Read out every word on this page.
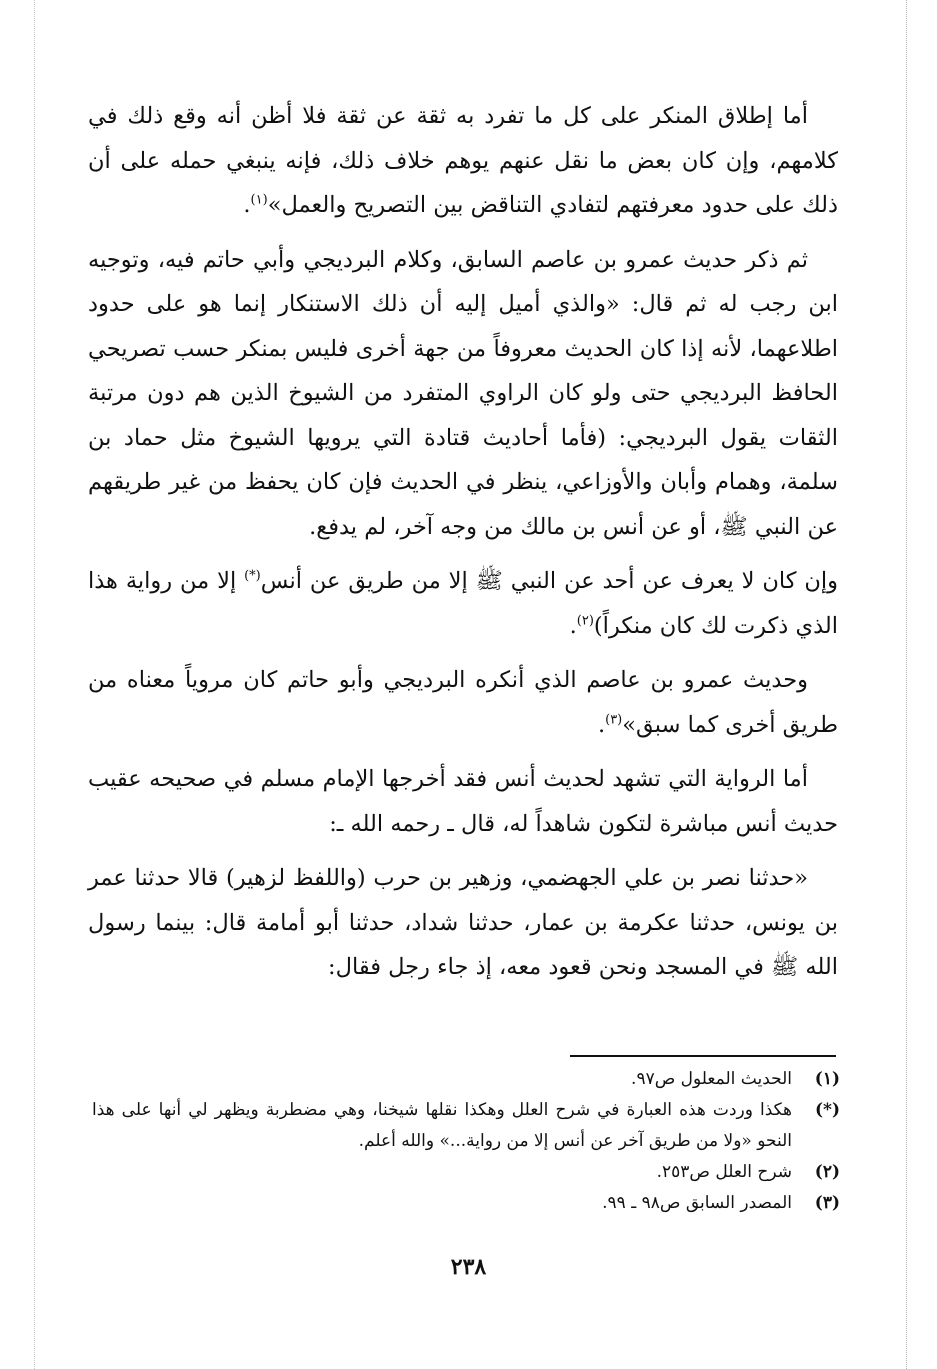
أما إطلاق المنكر على كل ما تفرد به ثقة عن ثقة فلا أظن أنه وقع ذلك في كلامهم، وإن كان بعض ما نقل عنهم يوهم خلاف ذلك، فإنه ينبغي حمله على أن ذلك على حدود معرفتهم لتفادي التناقض بين التصريح والعمل»$^{(١)}$.

ثم ذكر حديث عمرو بن عاصم السابق، وكلام البرديجي وأبي حاتم فيه، وتوجيه ابن رجب له ثم قال: «والذي أميل إليه أن ذلك الاستنكار إنما هو على حدود اطلاعهما، لأنه إذا كان الحديث معروفاً من جهة أخرى فليس بمنكر حسب تصريحي الحافظ البرديجي حتى ولو كان الراوي المتفرد من الشيوخ الذين هم دون مرتبة الثقات يقول البرديجي: (فأما أحاديث قتادة التي يرويها الشيوخ مثل حماد بن سلمة، وهمام وأبان والأوزاعي، ينظر في الحديث فإن كان يحفظ من غير طريقهم عن النبي ﷺ، أو عن أنس بن مالك من وجه آخر، لم يدفع.

وإن كان لا يعرف عن أحد عن النبي ﷺ إلا من طريق عن أنس(*) إلا من رواية هذا الذي ذكرت لك كان منكراً)$^{(٢)}$.

وحديث عمرو بن عاصم الذي أنكره البرديجي وأبو حاتم كان مروياً معناه من طريق أخرى كما سبق»$^{(٣)}$.

أما الرواية التي تشهد لحديث أنس فقد أخرجها الإمام مسلم في صحيحه عقيب حديث أنس مباشرة لتكون شاهداً له، قال ـ رحمه الله ـ:

«حدثنا نصر بن علي الجهضمي، وزهير بن حرب (واللفظ لزهير) قالا حدثنا عمر بن يونس، حدثنا عكرمة بن عمار، حدثنا شداد، حدثنا أبو أمامة قال: بينما رسول الله ﷺ في المسجد ونحن قعود معه، إذ جاء رجل فقال:

(١)
الحديث المعلول ص٩٧.
(*)
هكذا وردت هذه العبارة في شرح العلل وهكذا نقلها شيخنا، وهي مضطربة ويظهر لي أنها على هذا النحو «ولا من طريق آخر عن أنس إلا من رواية...» والله أعلم.
(٢)
شرح العلل ص٢٥٣.
(٣)
المصدر السابق ص٩٨ ـ ٩٩.
٢٣٨
